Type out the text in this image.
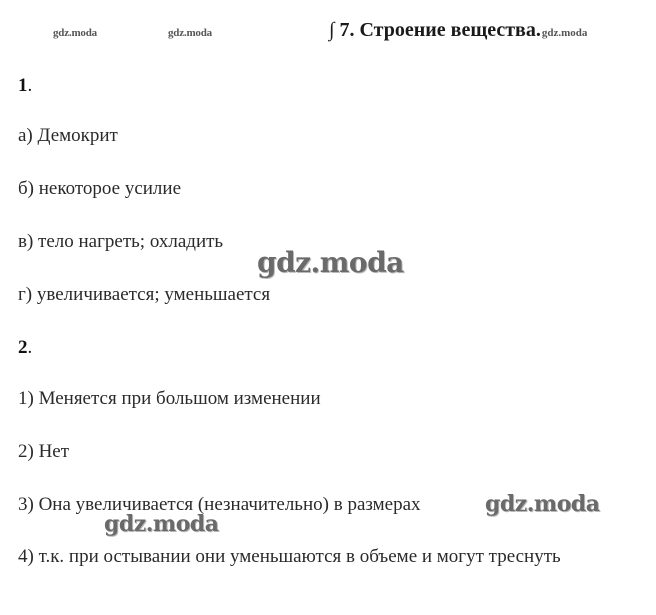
gdz.moda	gdz.moda	∫ 7. Строение вещества.gdz.moda
1.
а) Демокрит
б) некоторое усилие
в) тело нагреть; охладить
г) увеличивается; уменьшается
2.
1) Меняется при большом изменении
2) Нет
3) Она увеличивается (незначительно) в размерах
4) т.к. при остывании они уменьшаются в объеме и могут треснуть
gdz.moda
gdz.moda
gdz.moda
